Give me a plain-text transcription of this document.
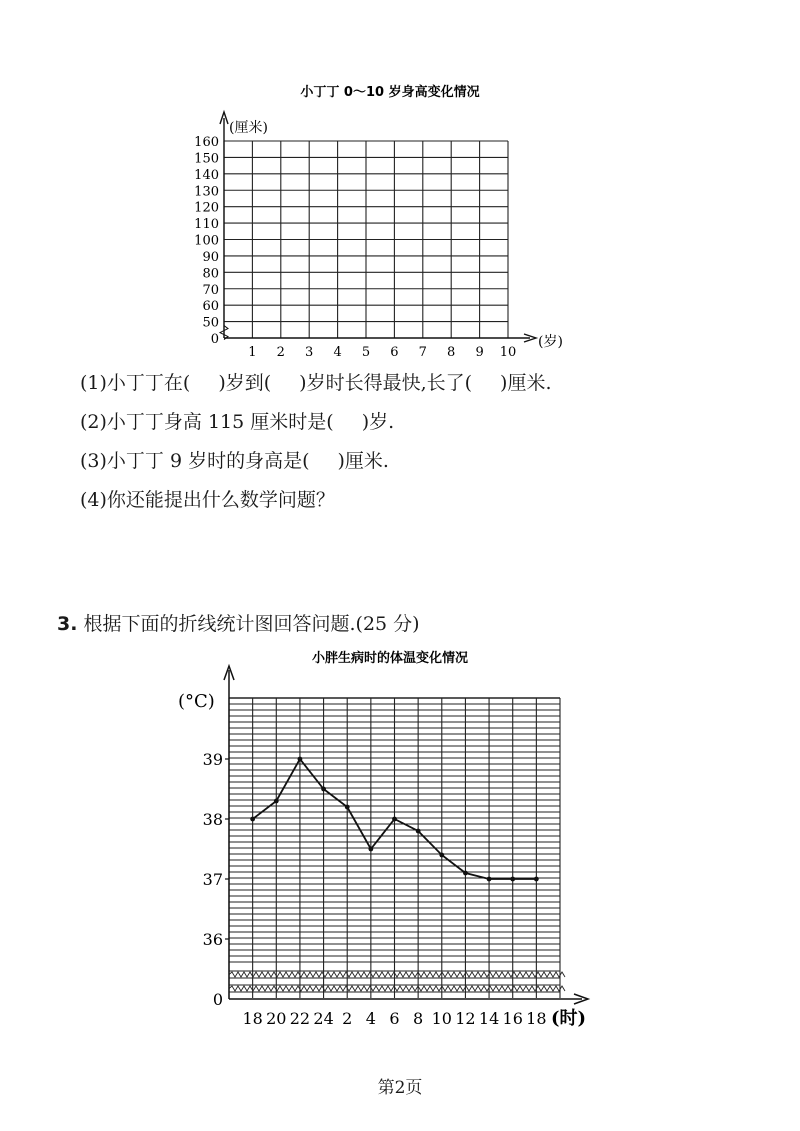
小丁丁 0～10 岁身高变化情况
(厘米)
(岁)
160
150
140
130
120
110
100
90
80
70
60
50
0
1 2 3 4 5 6 7 8 9 10
小胖生病时的体温变化情况
(°C)
(时)
39
38
37
36
0
18 20 22 24 2 4 6 8 10 12 14 16 18
(1)小丁丁在( )岁到( )岁时长得最快,长了( )厘米.
(2)小丁丁身高 115 厘米时是( )岁.
(3)小丁丁 9 岁时的身高是( )厘米.
(4)你还能提出什么数学问题？
3. 根据下面的折线统计图回答问题.(25 分)
第2页
